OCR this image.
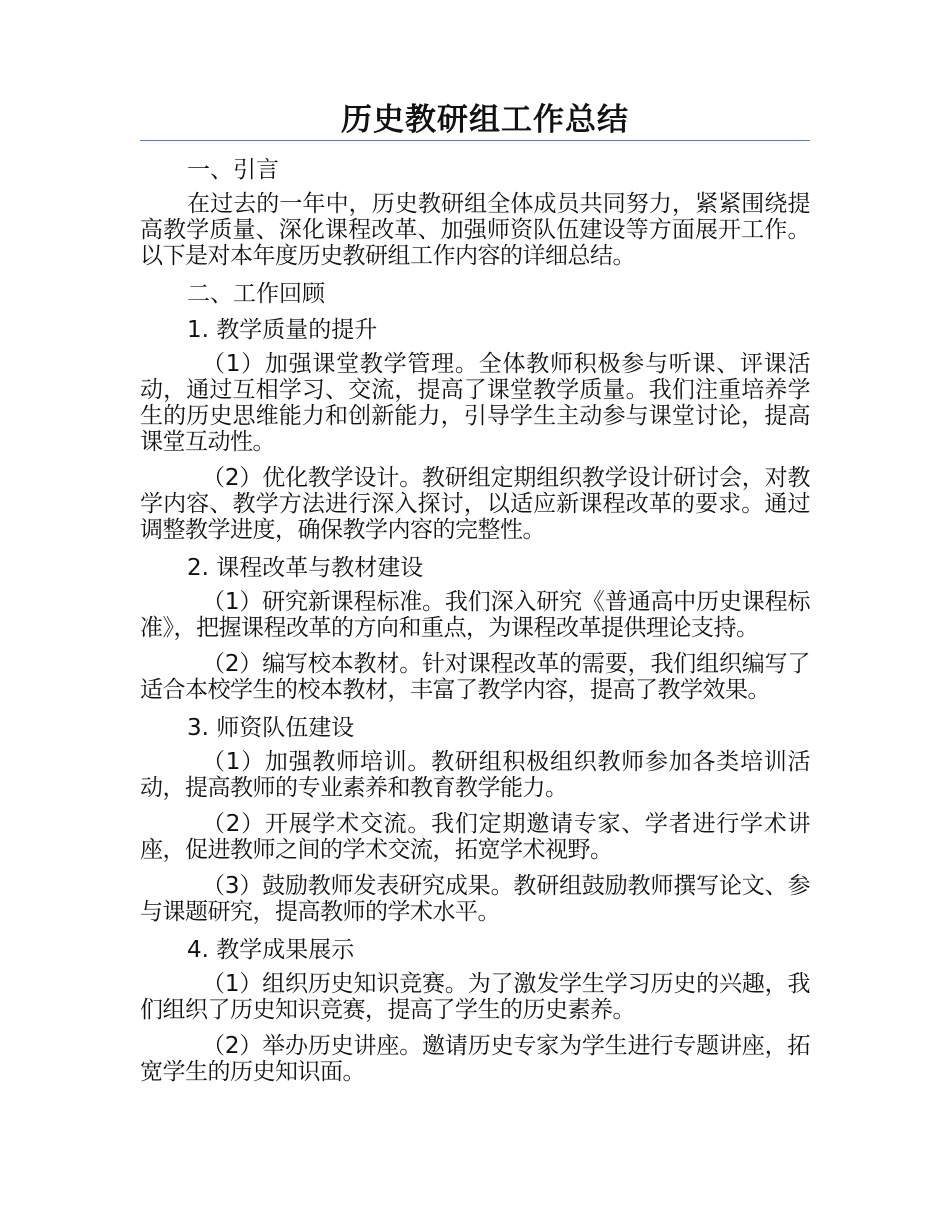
历史教研组工作总结
一、引言

在过去的一年中，历史教研组全体成员共同努力，紧紧围绕提高教学质量、深化课程改革、加强师资队伍建设等方面展开工作。以下是对本年度历史教研组工作内容的详细总结。

二、工作回顾
1. 教学质量的提升

（1）加强课堂教学管理。全体教师积极参与听课、评课活动，通过互相学习、交流，提高了课堂教学质量。我们注重培养学生的历史思维能力和创新能力，引导学生主动参与课堂讨论，提高课堂互动性。

（2）优化教学设计。教研组定期组织教学设计研讨会，对教学内容、教学方法进行深入探讨，以适应新课程改革的要求。通过调整教学进度，确保教学内容的完整性。

2. 课程改革与教材建设

（1）研究新课程标准。我们深入研究《普通高中历史课程标准》，把握课程改革的方向和重点，为课程改革提供理论支持。

（2）编写校本教材。针对课程改革的需要，我们组织编写了适合本校学生的校本教材，丰富了教学内容，提高了教学效果。

3. 师资队伍建设

（1）加强教师培训。教研组积极组织教师参加各类培训活动，提高教师的专业素养和教育教学能力。

（2）开展学术交流。我们定期邀请专家、学者进行学术讲座，促进教师之间的学术交流，拓宽学术视野。

（3）鼓励教师发表研究成果。教研组鼓励教师撰写论文、参与课题研究，提高教师的学术水平。

4. 教学成果展示

（1）组织历史知识竞赛。为了激发学生学习历史的兴趣，我们组织了历史知识竞赛，提高了学生的历史素养。

（2）举办历史讲座。邀请历史专家为学生进行专题讲座，拓宽学生的历史知识面。
